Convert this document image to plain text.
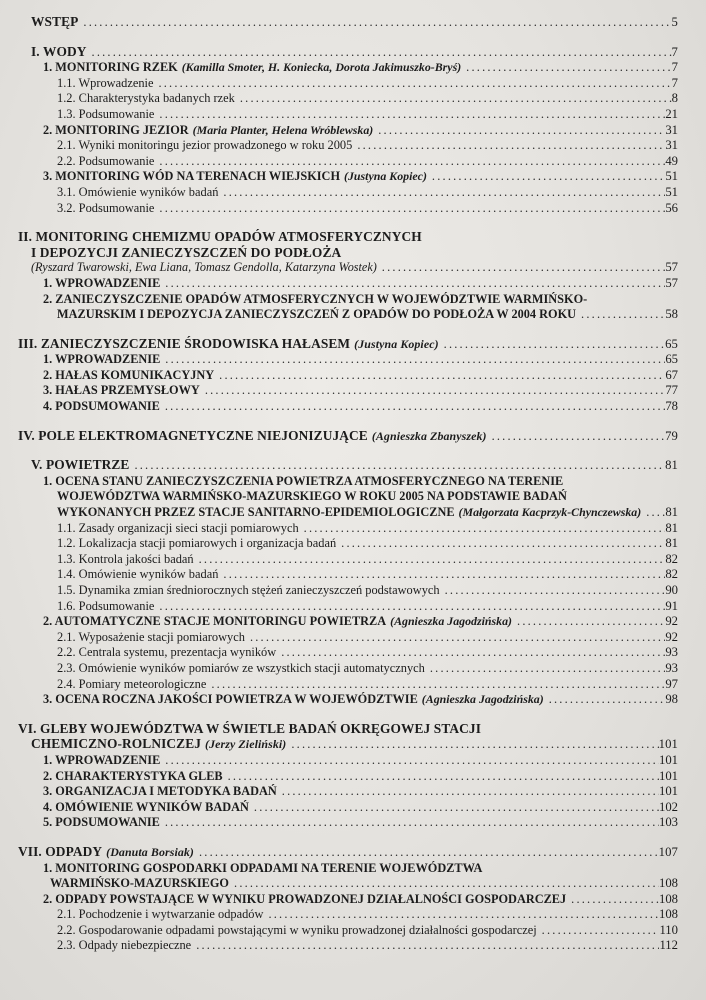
WSTĘP .....	5
I. WODY .....	7
1. MONITORING RZEK (Kamilla Smoter, H. Koniecka, Dorota Jakimuszko-Bryś) .....	7
1.1. Wprowadzenie .....	7
1.2. Charakterystyka badanych rzek .....	8
1.3. Podsumowanie .....	21
2. MONITORING JEZIOR (Maria Planter, Helena Wróblewska) .....	31
2.1. Wyniki monitoringu jezior prowadzonego w roku 2005 .....	31
2.2. Podsumowanie .....	49
3. MONITORING WÓD NA TERENACH WIEJSKICH (Justyna Kopiec) .....	51
3.1. Omówienie wyników badań .....	51
3.2. Podsumowanie .....	56
II. MONITORING CHEMIZMU OPADÓW ATMOSFERYCZNYCH
I DEPOZYCJI ZANIECZYSZCZEŃ DO PODŁOŻA
(Ryszard Twarowski, Ewa Liana, Tomasz Gendolla, Katarzyna Wostek) .....	57
1. WPROWADZENIE .....	57
2. ZANIECZYSZCZENIE OPADÓW ATMOSFERYCZNYCH W WOJEWÓDZTWIE WARMIŃSKO-
MAZURSKIM I DEPOZYCJA ZANIECZYSZCZEŃ Z OPADÓW DO PODŁOŻA W 2004 ROKU .....	58
III. ZANIECZYSZCZENIE ŚRODOWISKA HAŁASEM (Justyna Kopiec) .....	65
1. WPROWADZENIE .....	65
2. HAŁAS KOMUNIKACYJNY .....	67
3. HAŁAS PRZEMYSŁOWY .....	77
4. PODSUMOWANIE .....	78
IV. POLE ELEKTROMAGNETYCZNE NIEJONIZUJĄCE (Agnieszka Zbanyszek) .....	79
V. POWIETRZE .....	81
1. OCENA STANU ZANIECZYSZCZENIA POWIETRZA ATMOSFERYCZNEGO NA TERENIE
WOJEWÓDZTWA WARMIŃSKO-MAZURSKIEGO W ROKU 2005 NA PODSTAWIE BADAŃ
WYKONANYCH PRZEZ STACJE SANITARNO-EPIDEMIOLOGICZNE (Małgorzata Kacprzyk-Chynczewska) ..... 81
1.1. Zasady organizacji sieci stacji pomiarowych .....	81
1.2. Lokalizacja stacji pomiarowych i organizacja badań .....	81
1.3. Kontrola jakości badań .....	82
1.4. Omówienie wyników badań .....	82
1.5. Dynamika zmian średniorocznych stężeń zanieczyszczeń podstawowych .....	90
1.6. Podsumowanie .....	91
2. AUTOMATYCZNE STACJE MONITORINGU POWIETRZA (Agnieszka Jagodzińska) .....	92
2.1. Wyposażenie stacji pomiarowych .....	92
2.2. Centrala systemu, prezentacja wyników .....	93
2.3. Omówienie wyników pomiarów ze wszystkich stacji automatycznych .....	93
2.4. Pomiary meteorologiczne .....	97
3. OCENA ROCZNA JAKOŚCI POWIETRZA W WOJEWÓDZTWIE (Agnieszka Jagodzińska) .....	98
VI. GLEBY WOJEWÓDZTWA W ŚWIETLE BADAŃ OKRĘGOWEJ STACJI
CHEMICZNO-ROLNICZEJ (Jerzy Zieliński) .....	101
1. WPROWADZENIE .....	101
2. CHARAKTERYSTYKA GLEB .....	101
3. ORGANIZACJA I METODYKA BADAŃ .....	101
4. OMÓWIENIE WYNIKÓW BADAŃ .....	102
5. PODSUMOWANIE .....	103
VII. ODPADY (Danuta Borsiak) .....	107
1. MONITORING GOSPODARKI ODPADAMI NA TERENIE WOJEWÓDZTWA
WARMIŃSKO-MAZURSKIEGO .....	108
2. ODPADY POWSTAJĄCE W WYNIKU PROWADZONEJ DZIAŁALNOŚCI GOSPODARCZEJ .....	108
2.1. Pochodzenie i wytwarzanie odpadów .....	108
2.2. Gospodarowanie odpadami powstającymi w wyniku prowadzonej działalności gospodarczej .....	110
2.3. Odpady niebezpieczne .....	112
